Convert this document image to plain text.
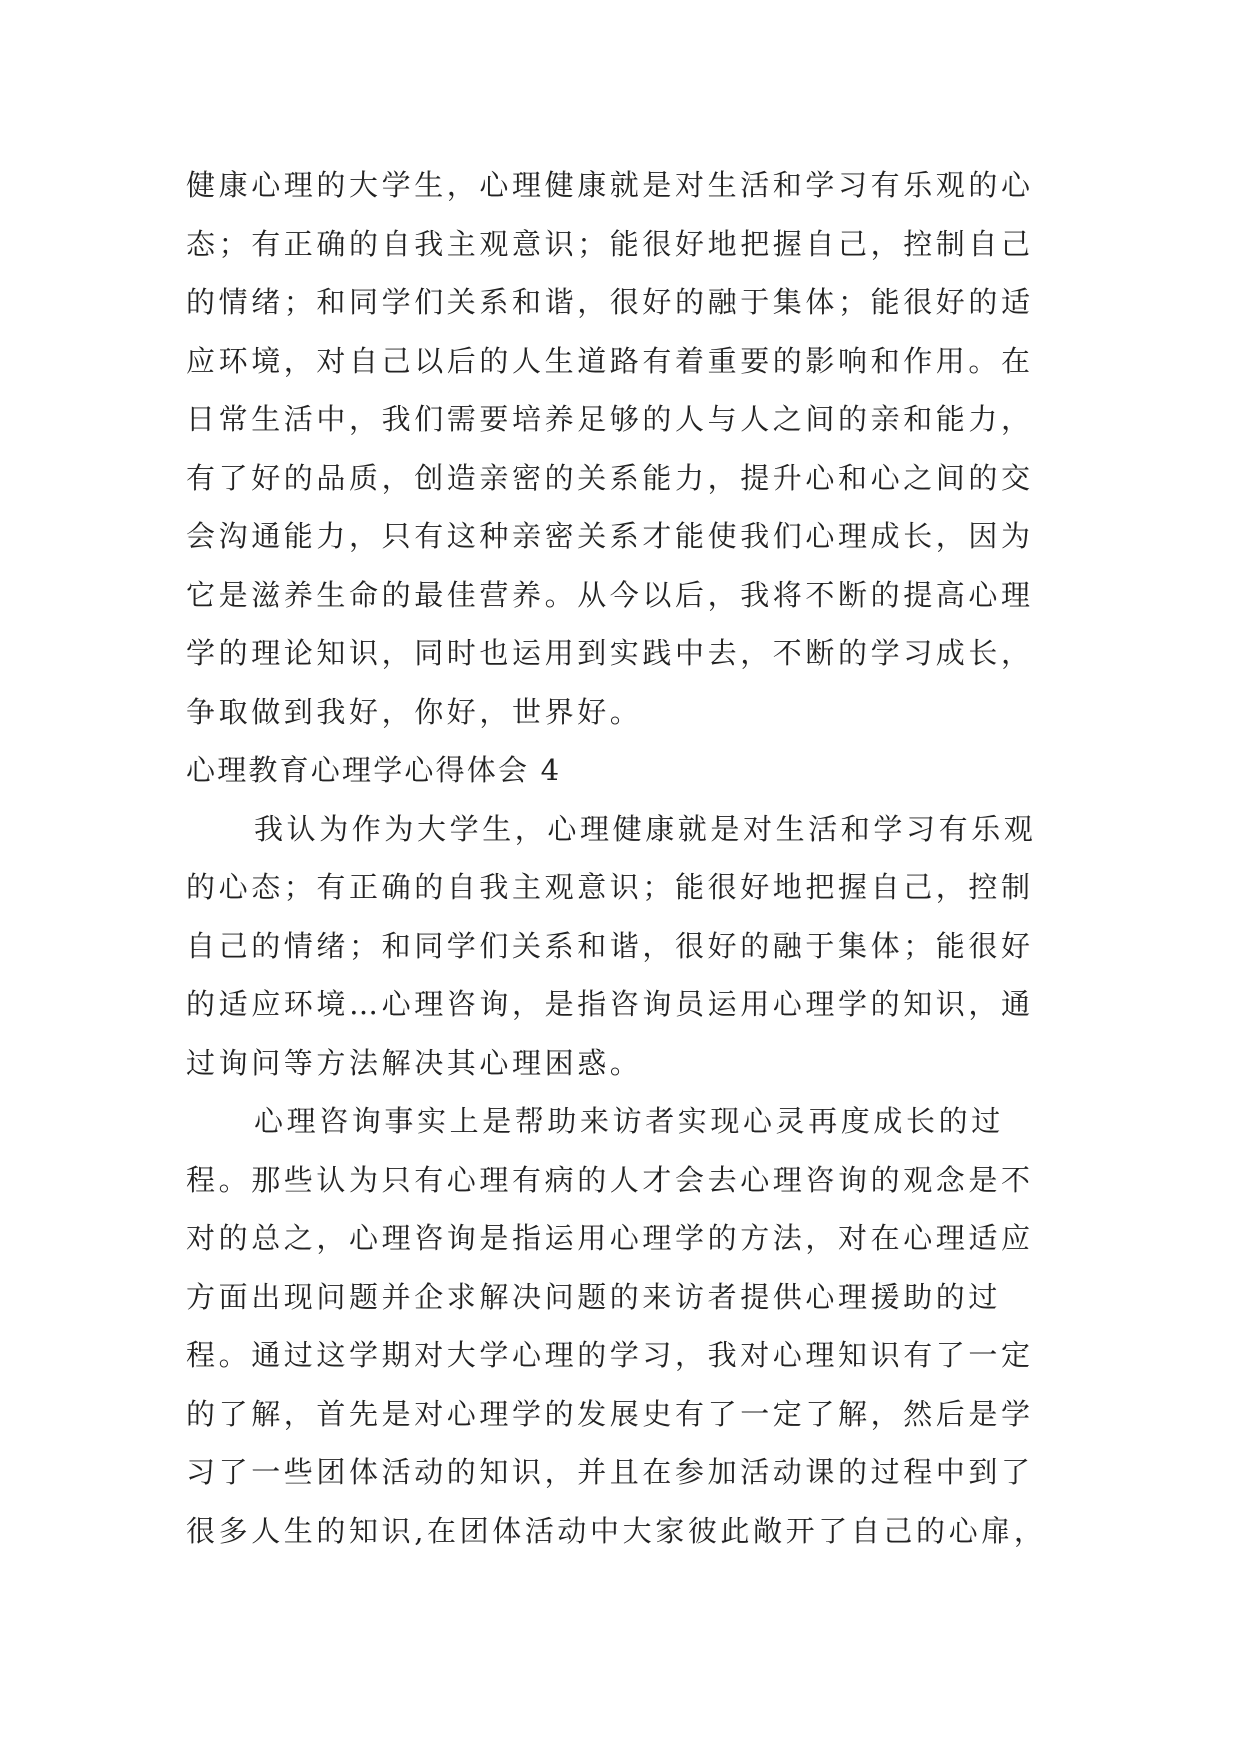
健康心理的大学生，心理健康就是对生活和学习有乐观的心
态；有正确的自我主观意识；能很好地把握自己，控制自己
的情绪；和同学们关系和谐，很好的融于集体；能很好的适
应环境，对自己以后的人生道路有着重要的影响和作用。在
日常生活中，我们需要培养足够的人与人之间的亲和能力，
有了好的品质，创造亲密的关系能力，提升心和心之间的交
会沟通能力，只有这种亲密关系才能使我们心理成长，因为
它是滋养生命的最佳营养。从今以后，我将不断的提高心理
学的理论知识，同时也运用到实践中去，不断的学习成长，
争取做到我好，你好，世界好。
心理教育心理学心得体会 4
我认为作为大学生，心理健康就是对生活和学习有乐观
的心态；有正确的自我主观意识；能很好地把握自己，控制
自己的情绪；和同学们关系和谐，很好的融于集体；能很好
的适应环境…心理咨询，是指咨询员运用心理学的知识，通
过询问等方法解决其心理困惑。
心理咨询事实上是帮助来访者实现心灵再度成长的过
程。那些认为只有心理有病的人才会去心理咨询的观念是不
对的总之，心理咨询是指运用心理学的方法，对在心理适应
方面出现问题并企求解决问题的来访者提供心理援助的过
程。通过这学期对大学心理的学习，我对心理知识有了一定
的了解，首先是对心理学的发展史有了一定了解，然后是学
习了一些团体活动的知识，并且在参加活动课的过程中到了
很多人生的知识,在团体活动中大家彼此敞开了自己的心扉，
